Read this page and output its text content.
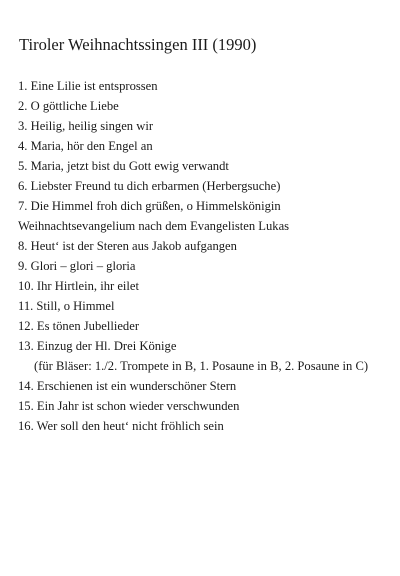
Tiroler Weihnachtssingen III (1990)
1. Eine Lilie ist entsprossen
2. O göttliche Liebe
3. Heilig, heilig singen wir
4. Maria, hör den Engel an
5. Maria, jetzt bist du Gott ewig verwandt
6. Liebster Freund tu dich erbarmen (Herbergsuche)
7. Die Himmel froh dich grüßen, o Himmelskönigin
Weihnachtsevangelium nach dem Evangelisten Lukas
8. Heut‘ ist der Steren aus Jakob aufgangen
9. Glori – glori – gloria
10. Ihr Hirtlein, ihr eilet
11. Still, o Himmel
12. Es tönen Jubellieder
13. Einzug der Hl. Drei Könige
(für Bläser: 1./2. Trompete in B, 1. Posaune in B, 2. Posaune in C)
14. Erschienen ist ein wunderschöner Stern
15. Ein Jahr ist schon wieder verschwunden
16. Wer soll den heut‘ nicht fröhlich sein
